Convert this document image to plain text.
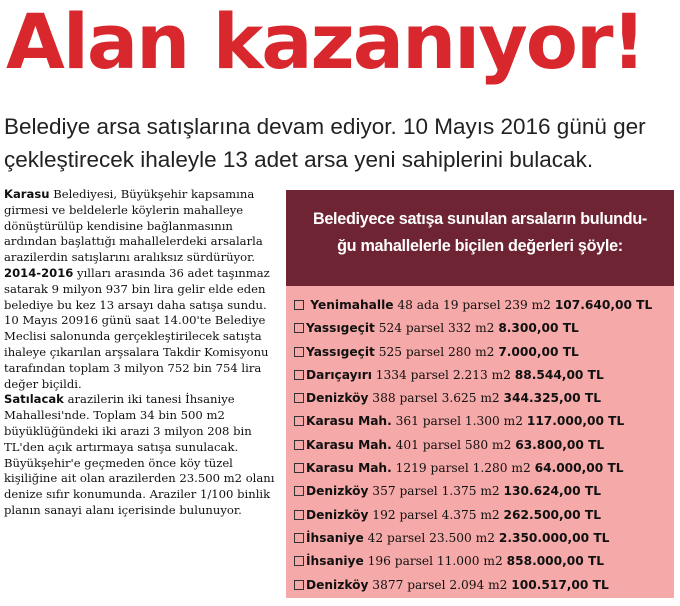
Alan kazanıyor!
Belediye arsa satışlarına devam ediyor. 10 Mayıs 2016 günü ger
çekleştirecek ihaleyle 13 adet arsa yeni sahiplerini bulacak.

Karasu Belediyesi, Büyükşehir kapsamına girmesi ve beldelerle köylerin mahalleye dönüştürülüp kendisine bağlanmasının ardından başlattığı mahallelerdeki arsalarla arazilerdin satışlarını aralıksız sürdürüyor.

2014-2016 yılları arasında 36 adet taşınmaz satarak 9 milyon 937 bin lira gelir elde eden belediye bu kez 13 arsayı daha satışa sundu. 10 Mayıs 20916 günü saat 14.00'te Belediye Meclisi salonunda gerçekleştirilecek satışta ihaleye çıkarılan arşsalara Takdir Komisyonu tarafından toplam 3 milyon 752 bin 754 lira değer biçildi.

Satılacak arazilerin iki tanesi İhsaniye Mahallesi'nde. Toplam 34 bin 500 m2 büyüklüğündeki iki arazi 3 milyon 208 bin TL'den açık artırmaya satışa sunulacak. Büyükşehir'e geçmeden önce köy tüzel kişiliğine ait olan arazilerden 23.500 m2 olanı denize sıfır konumunda. Araziler 1/100 binlik planın sanayi alanı içerisinde bulunuyor.

Belediyece satışa sunulan arsaların bulundu-
ğu mahallelerle biçilen değerleri şöyle:
Yenimahalle 48 ada 19 parsel 239 m2 107.640,00 TL
Yassıgeçit 524 parsel 332 m2 8.300,00 TL
Yassıgeçit 525 parsel 280 m2 7.000,00 TL
Darıçayırı 1334 parsel 2.213 m2 88.544,00 TL
Denizköy 388 parsel 3.625 m2 344.325,00 TL
Karasu Mah. 361 parsel 1.300 m2 117.000,00 TL
Karasu Mah. 401 parsel 580 m2 63.800,00 TL
Karasu Mah. 1219 parsel 1.280 m2 64.000,00 TL
Denizköy 357 parsel 1.375 m2 130.624,00 TL
Denizköy 192 parsel 4.375 m2 262.500,00 TL
İhsaniye 42 parsel 23.500 m2 2.350.000,00 TL
İhsaniye 196 parsel 11.000 m2 858.000,00 TL
Denizköy 3877 parsel 2.094 m2 100.517,00 TL
